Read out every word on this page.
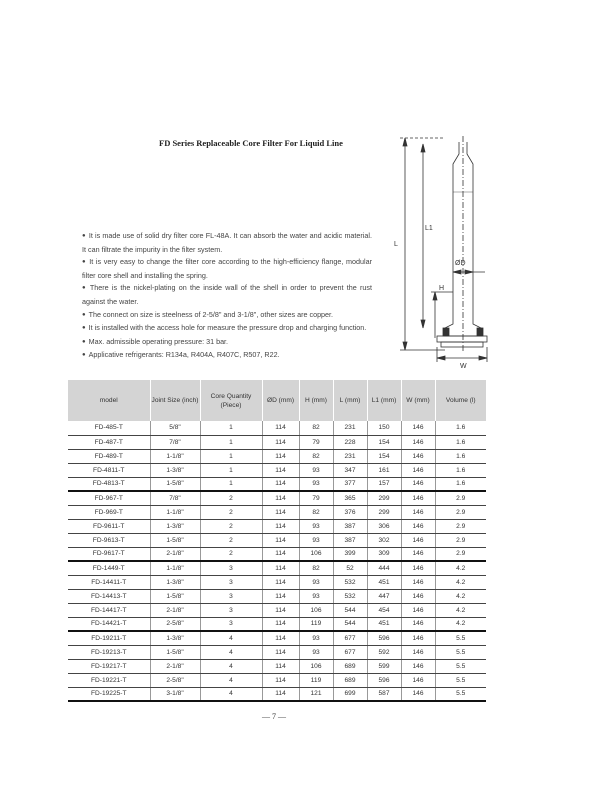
FD Series Replaceable Core Filter For Liquid Line

● It is made use of solid dry filter core FL-48A. It can absorb the water and acidic material. It can filtrate the impurity in the filter system.

● It is very easy to change the filter core according to the high-efficiency flange, modular filter core shell and installing the spring.

● There is the nickel-plating on the inside wall of the shell in order to prevent the rust against the water.

● The connect on size is steelness of 2-5/8" and 3-1/8", other sizes are copper.

● It is installed with the access hole for measure the pressure drop and charging function.

● Max. admissible operating pressure: 31 bar.

● Applicative refrigerants: R134a, R404A, R407C, R507, R22.

L
L1
ØD
H
W
model	Joint Size (inch)	Core Quantity (Piece)	ØD (mm)	H (mm)	L (mm)	L1 (mm)	W (mm)	Volume (l)
FD-485-T	5/8"	1	114	82	231	150	146	1.6
FD-487-T	7/8"	1	114	79	228	154	146	1.6
FD-489-T	1-1/8"	1	114	82	231	154	146	1.6
FD-4811-T	1-3/8"	1	114	93	347	161	146	1.6
FD-4813-T	1-5/8"	1	114	93	377	157	146	1.6
FD-967-T	7/8"	2	114	79	365	299	146	2.9
FD-969-T	1-1/8"	2	114	82	376	299	146	2.9
FD-9611-T	1-3/8"	2	114	93	387	306	146	2.9
FD-9613-T	1-5/8"	2	114	93	387	302	146	2.9
FD-9617-T	2-1/8"	2	114	106	399	309	146	2.9
FD-1449-T	1-1/8"	3	114	82	52	444	146	4.2
FD-14411-T	1-3/8"	3	114	93	532	451	146	4.2
FD-14413-T	1-5/8"	3	114	93	532	447	146	4.2
FD-14417-T	2-1/8"	3	114	106	544	454	146	4.2
FD-14421-T	2-5/8"	3	114	119	544	451	146	4.2
FD-19211-T	1-3/8"	4	114	93	677	596	146	5.5
FD-19213-T	1-5/8"	4	114	93	677	592	146	5.5
FD-19217-T	2-1/8"	4	114	106	689	599	146	5.5
FD-19221-T	2-5/8"	4	114	119	689	596	146	5.5
FD-19225-T	3-1/8"	4	114	121	699	587	146	5.5
— 7 —
